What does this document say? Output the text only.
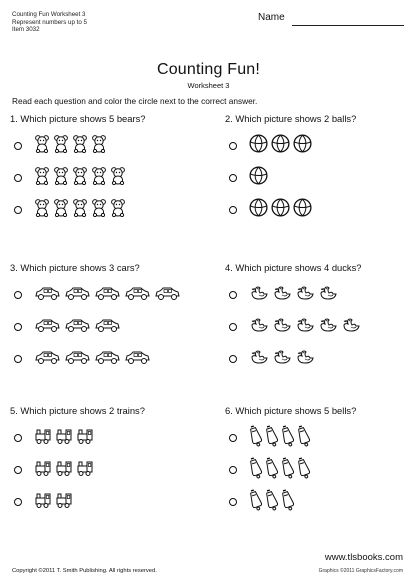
Counting Fun Worksheet 3
Represent numbers up to 5
Item 3032
Name
Counting Fun!
Worksheet 3
Read each question and color the circle next to the correct answer.
1. Which picture shows 5 bears?	2. Which picture shows 2 balls?
3. Which picture shows 3 cars?	4. Which picture shows 4 ducks?
5. Which picture shows 2 trains?	6. Which picture shows 5 bells?
www.tlsbooks.com
Copyright ©2011 T. Smith Publishing. All rights reserved.	Graphics ©2011 GraphicsFactory.com
